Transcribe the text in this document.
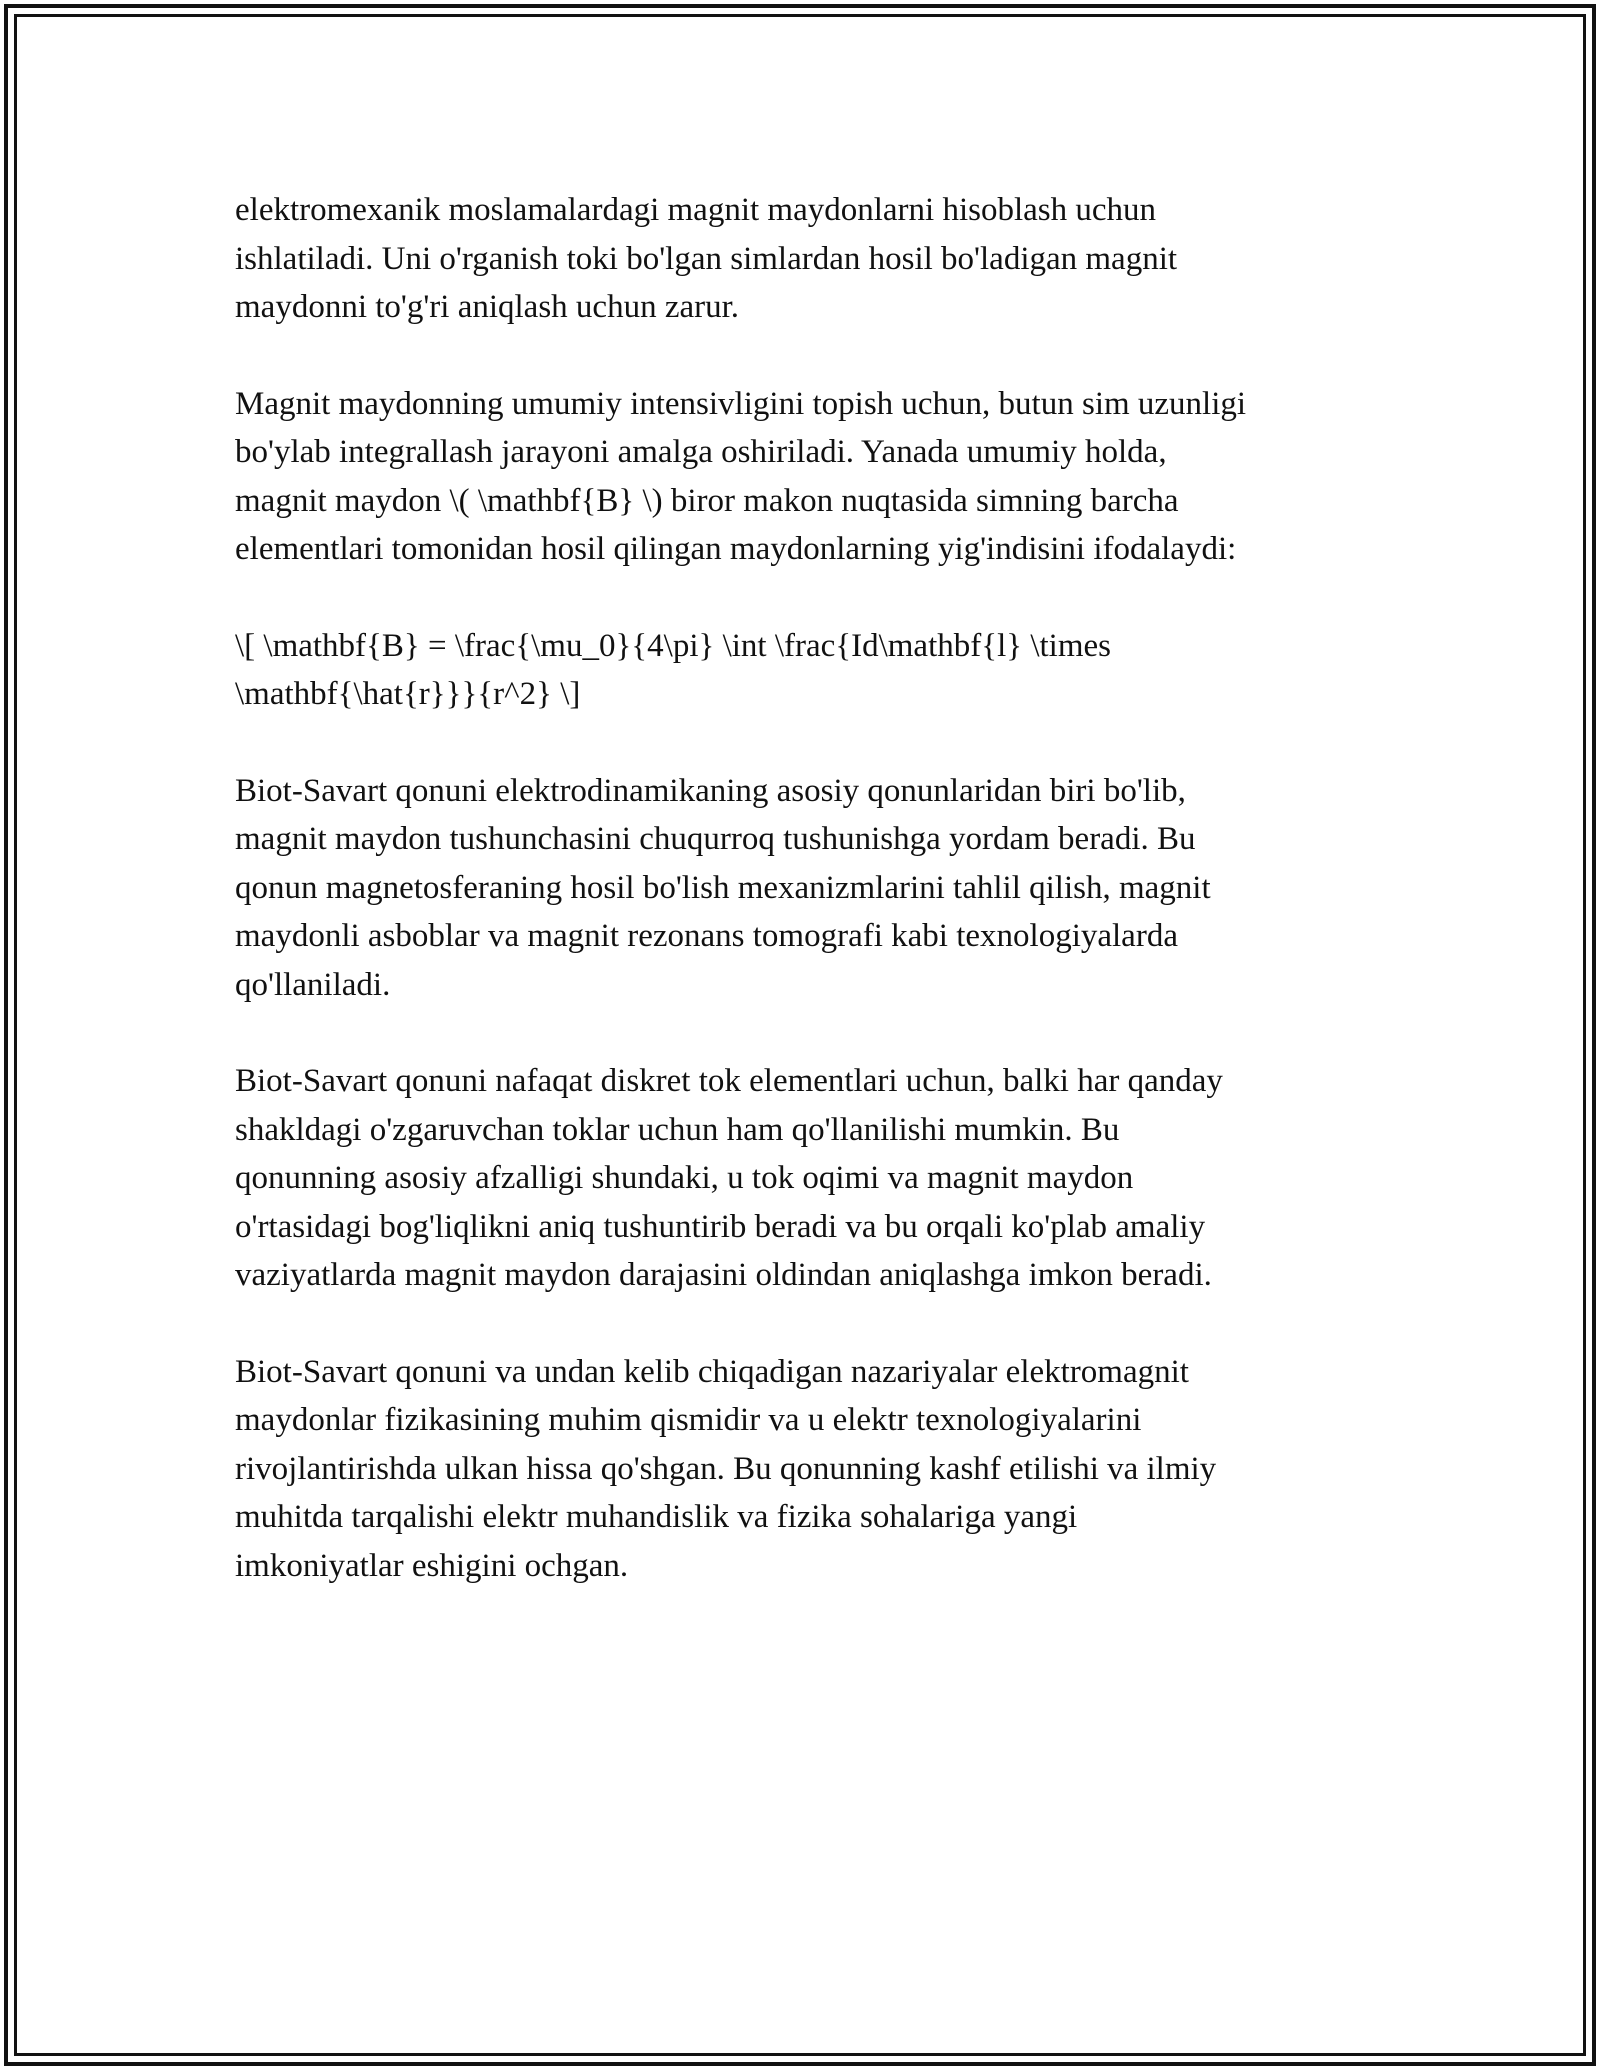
elektromexanik moslamalardagi magnit maydonlarni hisoblash uchun
ishlatiladi. Uni o'rganish toki bo'lgan simlardan hosil bo'ladigan magnit
maydonni to'g'ri aniqlash uchun zarur.

Magnit maydonning umumiy intensivligini topish uchun, butun sim uzunligi
bo'ylab integrallash jarayoni amalga oshiriladi. Yanada umumiy holda,
magnit maydon \( \mathbf{B} \) biror makon nuqtasida simning barcha
elementlari tomonidan hosil qilingan maydonlarning yig'indisini ifodalaydi:

\[ \mathbf{B} = \frac{\mu_0}{4\pi} \int \frac{Id\mathbf{l} \times
\mathbf{\hat{r}}}{r^2} \]

Biot-Savart qonuni elektrodinamikaning asosiy qonunlaridan biri bo'lib,
magnit maydon tushunchasini chuqurroq tushunishga yordam beradi. Bu
qonun magnetosferaning hosil bo'lish mexanizmlarini tahlil qilish, magnit
maydonli asboblar va magnit rezonans tomografi kabi texnologiyalarda
qo'llaniladi.

Biot-Savart qonuni nafaqat diskret tok elementlari uchun, balki har qanday
shakldagi o'zgaruvchan toklar uchun ham qo'llanilishi mumkin. Bu
qonunning asosiy afzalligi shundaki, u tok oqimi va magnit maydon
o'rtasidagi bog'liqlikni aniq tushuntirib beradi va bu orqali ko'plab amaliy
vaziyatlarda magnit maydon darajasini oldindan aniqlashga imkon beradi.

Biot-Savart qonuni va undan kelib chiqadigan nazariyalar elektromagnit
maydonlar fizikasining muhim qismidir va u elektr texnologiyalarini
rivojlantirishda ulkan hissa qo'shgan. Bu qonunning kashf etilishi va ilmiy
muhitda tarqalishi elektr muhandislik va fizika sohalariga yangi
imkoniyatlar eshigini ochgan.
